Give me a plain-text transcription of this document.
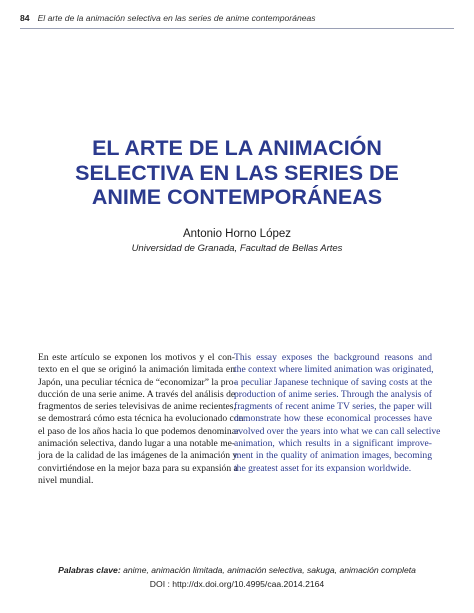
84 El arte de la animación selectiva en las series de anime contemporáneas
EL ARTE DE LA ANIMACIÓN
SELECTIVA EN LAS SERIES DE
ANIME CONTEMPORÁNEAS
Antonio Horno López
Universidad de Granada, Facultad de Bellas Artes
En este artículo se exponen los motivos y el con-
texto en el que se originó la animación limitada en
Japón, una peculiar técnica de “economizar” la pro-
ducción de una serie anime. A través del análisis de
fragmentos de series televisivas de anime recientes,
se demostrará cómo esta técnica ha evolucionado con
el paso de los años hacia lo que podemos denominar
animación selectiva, dando lugar a una notable me-
jora de la calidad de las imágenes de la animación y
convirtiéndose en la mejor baza para su expansión a
nivel mundial.
This essay exposes the background reasons and
the context where limited animation was originated,
a peculiar Japanese technique of saving costs at the
production of anime series. Through the analysis of
fragments of recent anime TV series, the paper will
demonstrate how these economical processes have
evolved over the years into what we can call selective
animation, which results in a significant improve-
ment in the quality of animation images, becoming
the greatest asset for its expansion worldwide.
Palabras clave: anime, animación limitada, animación selectiva, sakuga, animación completa
DOI : http://dx.doi.org/10.4995/caa.2014.2164
